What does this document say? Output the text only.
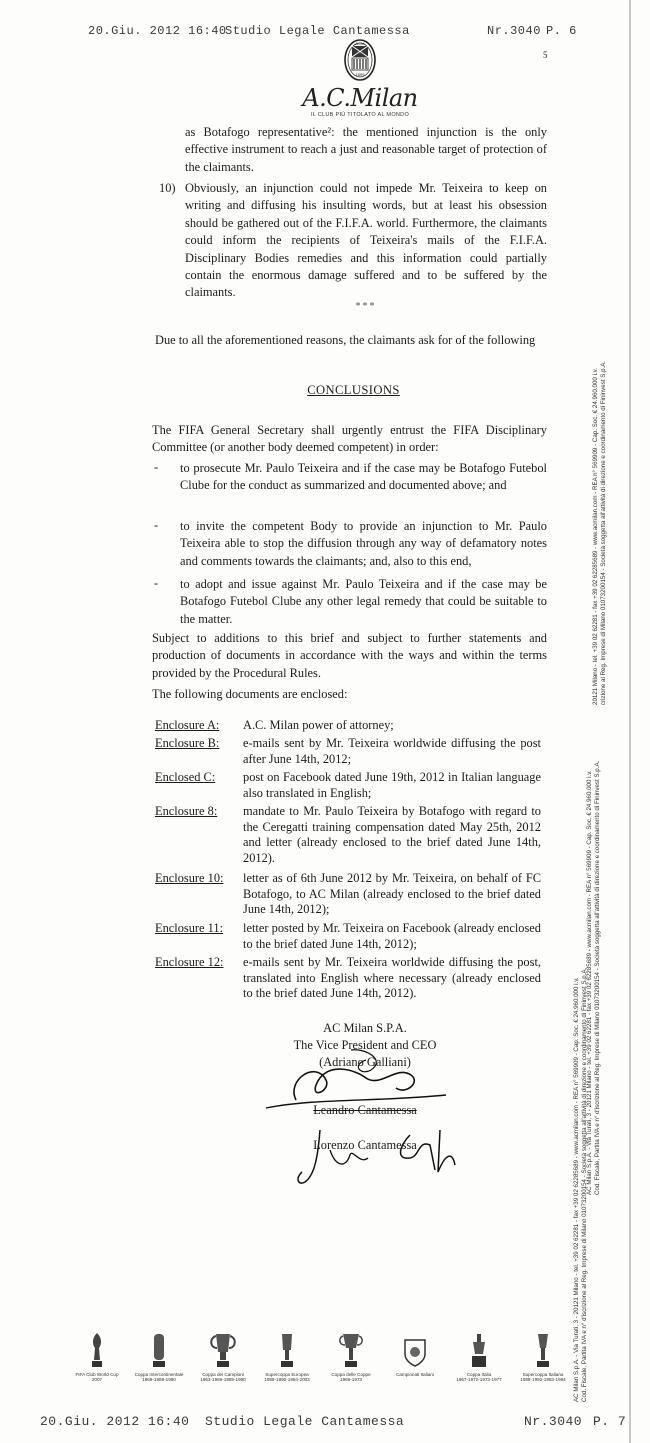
20.Giu. 2012 16:40
Studio Legale Cantamessa	Nr.3040 P. 6
5
ACM
1899
A.C.Milan
IL CLUB PIÙ TITOLATO AL MONDO
as Botafogo representative²: the mentioned injunction is the only effective instrument to reach a just and reasonable target of protection of the claimants.
10) Obviously, an injunction could not impede Mr. Teixeira to keep on writing and diffusing his insulting words, but at least his obsession should be gathered out of the F.I.F.A. world. Furthermore, the claimants could inform the recipients of Teixeira's mails of the F.I.F.A. Disciplinary Bodies remedies and this information could partially contain the enormous damage suffered and to be suffered by the claimants.
***
Due to all the aforementioned reasons, the claimants ask for of the following
CONCLUSIONS
The FIFA General Secretary shall urgently entrust the FIFA Disciplinary Committee (or another body deemed competent) in order:
- to prosecute Mr. Paulo Teixeira and if the case may be Botafogo Futebol Clube for the conduct as summarized and documented above; and
- to invite the competent Body to provide an injunction to Mr. Paulo Teixeira able to stop the diffusion through any way of defamatory notes and comments towards the claimants; and, also to this end,
- to adopt and issue against Mr. Paulo Teixeira and if the case may be Botafogo Futebol Clube any other legal remedy that could be suitable to the matter.
Subject to additions to this brief and subject to further statements and production of documents in accordance with the ways and within the terms provided by the Procedural Rules.
The following documents are enclosed:
Enclosure A: A.C. Milan power of attorney;
Enclosure B: e-mails sent by Mr. Teixeira worldwide diffusing the post after June 14th, 2012;
Enclosed C: post on Facebook dated June 19th, 2012 in Italian language also translated in English;
Enclosure 8: mandate to Mr. Paulo Teixeira by Botafogo with regard to the Ceregatti training compensation dated May 25th, 2012 and letter (already enclosed to the brief dated June 14th, 2012).
Enclosure 10: letter as of 6th June 2012 by Mr. Teixeira, on behalf of FC Botafogo, to AC Milan (already enclosed to the brief dated June 14th, 2012);
Enclosure 11: letter posted by Mr. Teixeira on Facebook (already enclosed to the brief dated June 14th, 2012);
Enclosure 12: e-mails sent by Mr. Teixeira worldwide diffusing the post, translated into English where necessary (already enclosed to the brief dated June 14th, 2012).
AC Milan S.P.A.
The Vice President and CEO
(Adriano Galliani)
Leandro Cantamessa
Lorenzo Cantamessa
20121 Milano - tel. +39 02 62281 - fax +39 02 62285689 - www.acmilan.com - REA n° 569909 - Cap. Soc. € 24.960.000 i.v. crizione al Reg. Imprese di Milano 01073200154 - Società soggetta all'attività di direzione e coordinamento di Fininvest S.p.A.
AC Milan S.p.A. - Via Turati, 3 - 20121 Milano - tel. +39 02 62281 - fax +39 02 62285689 - www.acmilan.com - REA n° 569909 - Cap. Soc. € 24.960.000 i.v. Cod. Fiscale, Partita IVA e n° d'iscrizione al Reg. Imprese di Milano 01073200154 - Società soggetta all'attività di direzione e coordinamento di Fininvest S.p.A.
AC Milan S.p.A. - Via Turati, 3 - 20121 Milano - tel. +39 02 62281 - fax +39 02 62285689 - www.acmilan.com - REA n° 569909 - Cap. Soc. € 24.960.000 i.v. Cod. Fiscale, Partita IVA e n° d'iscrizione al Reg. Imprese di Milano 01073200154 - Società soggetta all'attività di direzione e coordinamento di Fininvest S.p.A.
FIFA Club World Cup
2007
Coppa Intercontinentale
1969-1989-1990
Coppa dei Campioni
1963-1969-1989-1990
Supercoppa Europea
1989-1990-1994-2003
Coppa delle Coppe
1968-1973
Campionati Italiani	Coppa Italia
1967-1972-1973-1977
Supercoppa Italiana
1988-1992-1993-1994
20.Giu. 2012 16:40 Studio Legale Cantamessa	Nr.3040 P. 7
